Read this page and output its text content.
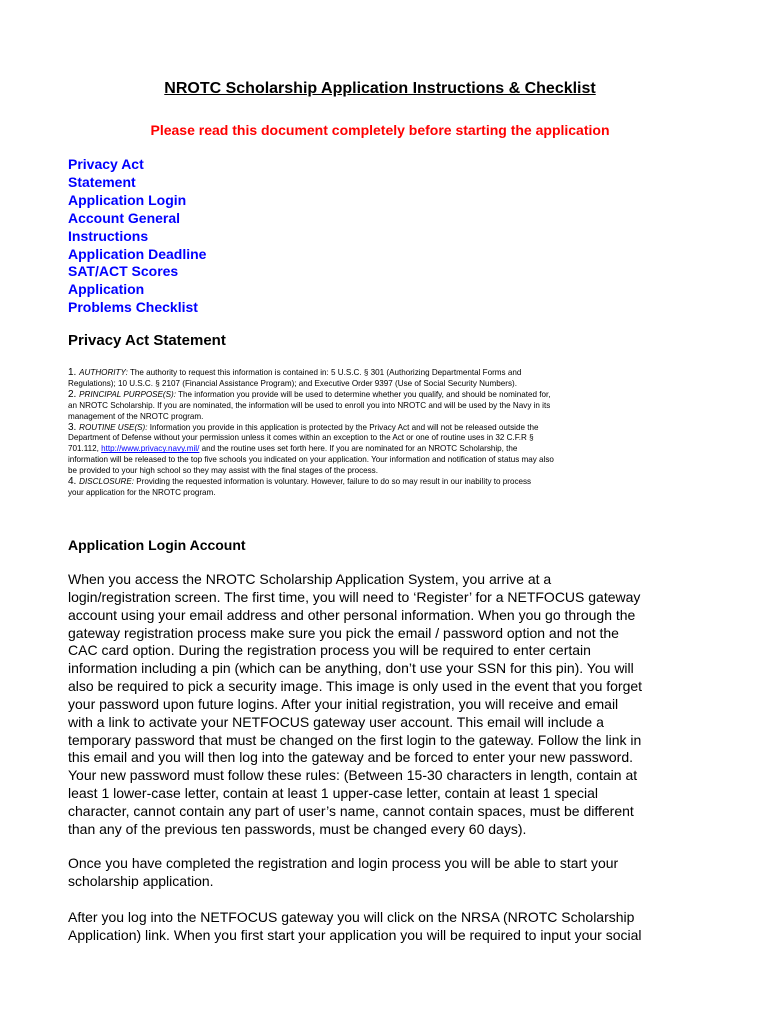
NROTC Scholarship Application Instructions & Checklist

Please read this document completely before starting the application

Privacy Act
Statement
Application Login
Account General
Instructions
Application Deadline
SAT/ACT Scores
Application
Problems Checklist
Privacy Act Statement
1. AUTHORITY: The authority to request this information is contained in: 5 U.S.C. § 301 (Authorizing Departmental Forms and
Regulations); 10 U.S.C. § 2107 (Financial Assistance Program); and Executive Order 9397 (Use of Social Security Numbers).
2. PRINCIPAL PURPOSE(S): The information you provide will be used to determine whether you qualify, and should be nominated for,
an NROTC Scholarship. If you are nominated, the information will be used to enroll you into NROTC and will be used by the Navy in its
management of the NROTC program.
3. ROUTINE USE(S): Information you provide in this application is protected by the Privacy Act and will not be released outside the
Department of Defense without your permission unless it comes within an exception to the Act or one of routine uses in 32 C.F.R §
701.112, http://www.privacy.navy.mil/ and the routine uses set forth here. If you are nominated for an NROTC Scholarship, the
information will be released to the top five schools you indicated on your application. Your information and notification of status may also
be provided to your high school so they may assist with the final stages of the process.
4. DISCLOSURE: Providing the requested information is voluntary. However, failure to do so may result in our inability to process
your application for the NROTC program.
Application Login Account
When you access the NROTC Scholarship Application System, you arrive at a
login/registration screen. The first time, you will need to ‘Register’ for a NETFOCUS gateway
account using your email address and other personal information. When you go through the
gateway registration process make sure you pick the email / password option and not the
CAC card option. During the registration process you will be required to enter certain
information including a pin (which can be anything, don’t use your SSN for this pin). You will
also be required to pick a security image. This image is only used in the event that you forget
your password upon future logins. After your initial registration, you will receive and email
with a link to activate your NETFOCUS gateway user account. This email will include a
temporary password that must be changed on the first login to the gateway. Follow the link in
this email and you will then log into the gateway and be forced to enter your new password.
Your new password must follow these rules: (Between 15-30 characters in length, contain at
least 1 lower-case letter, contain at least 1 upper-case letter, contain at least 1 special
character, cannot contain any part of user’s name, cannot contain spaces, must be different
than any of the previous ten passwords, must be changed every 60 days).
Once you have completed the registration and login process you will be able to start your
scholarship application.
After you log into the NETFOCUS gateway you will click on the NRSA (NROTC Scholarship
Application) link. When you first start your application you will be required to input your social
